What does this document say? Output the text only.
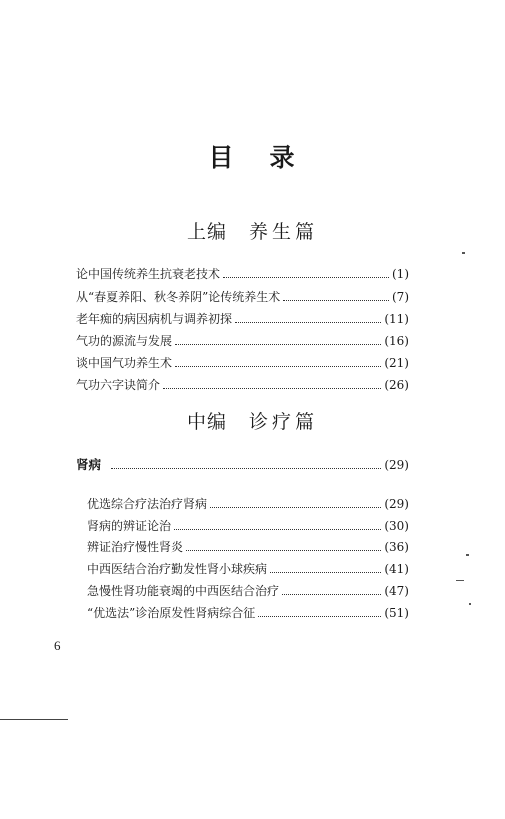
目 录
上编 养生篇
论中国传统养生抗衰老技术	(1)
从“春夏养阳、秋冬养阴”论传统养生术	(7)
老年痴的病因病机与调养初探	(11)
气功的源流与发展	(16)
谈中国气功养生术	(21)
气功六字诀简介	(26)
中编 诊疗篇
肾病	(29)
优选综合疗法治疗肾病	(29)
肾病的辨证论治	(30)
辨证治疗慢性肾炎	(36)
中西医结合治疗勤发性肾小球疾病	(41)
急慢性肾功能衰竭的中西医结合治疗	(47)
“优选法”诊治原发性肾病综合征	(51)
6
